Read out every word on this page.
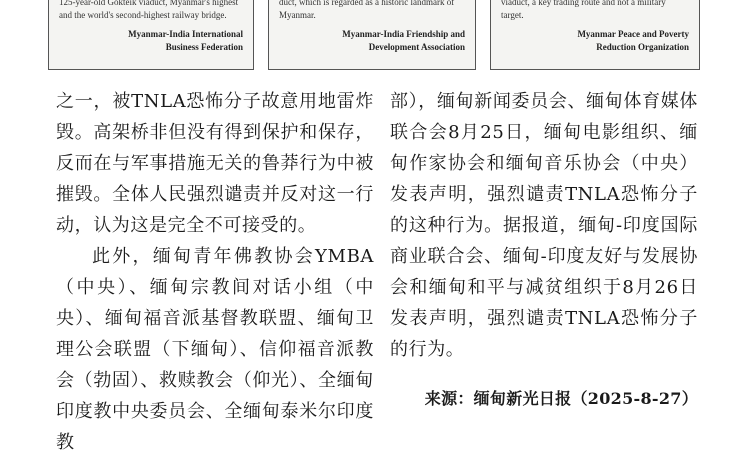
125-year-old Gokteik viaduct, Myanmar's highest and the world's second-highest railway bridge.
Myanmar-India International
Business Federation
duct, which is regarded as a historic landmark of Myanmar.
Myanmar-India Friendship and
Development Association
viaduct, a key trading route and not a military target.
Myanmar Peace and Poverty
Reduction Organization

之一，被TNLA恐怖分子故意用地雷炸毁。高架桥非但没有得到保护和保存，反而在与军事措施无关的鲁莽行为中被摧毁。全体人民强烈谴责并反对这一行动，认为这是完全不可接受的。

此外，缅甸青年佛教协会YMBA（中央）、缅甸宗教间对话小组（中央）、缅甸福音派基督教联盟、缅甸卫理公会联盟（下缅甸）、信仰福音派教会（勃固）、救赎教会（仰光）、全缅甸印度教中央委员会、全缅甸泰米尔印度教

部），缅甸新闻委员会、缅甸体育媒体联合会8月25日，缅甸电影组织、缅甸作家协会和缅甸音乐协会（中央）发表声明，强烈谴责TNLA恐怖分子的这种行为。据报道，缅甸-印度国际商业联合会、缅甸-印度友好与发展协会和缅甸和平与减贫组织于8月26日发表声明，强烈谴责TNLA恐怖分子的行为。

来源：缅甸新光日报（2025-8-27）
